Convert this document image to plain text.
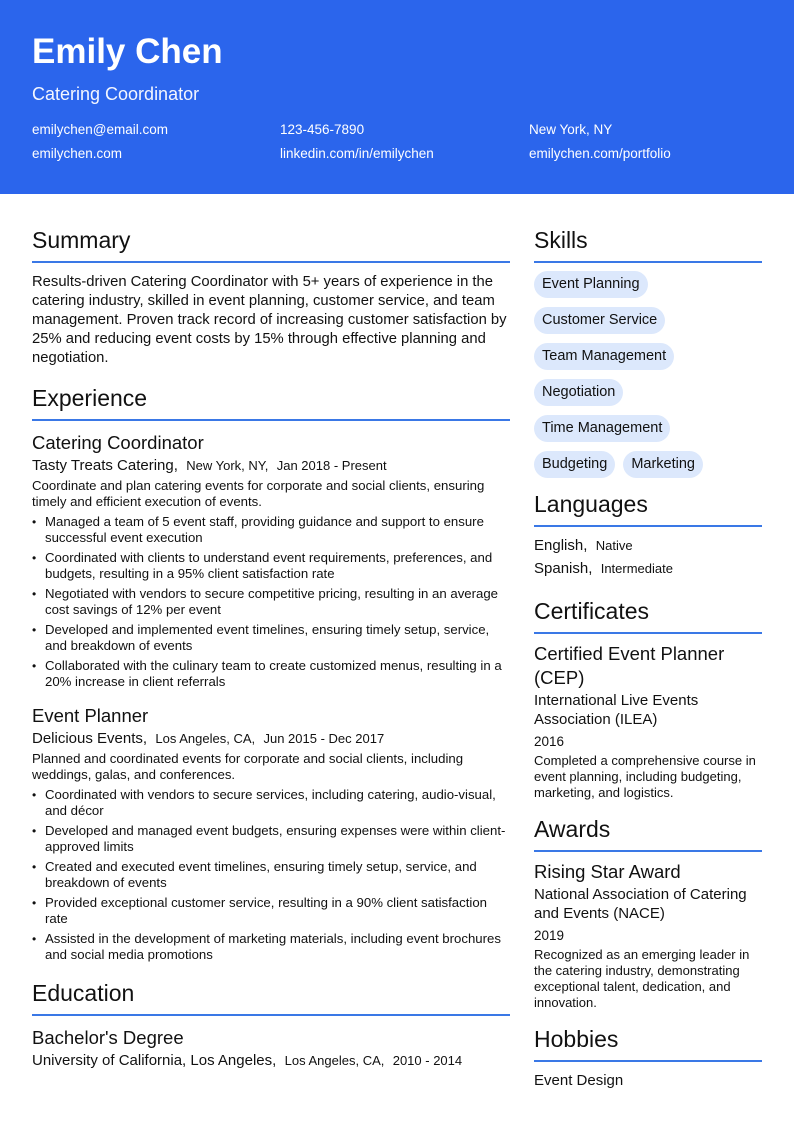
Emily Chen
Catering Coordinator
emilychen@email.com	123-456-7890	New York, NY
emilychen.com	linkedin.com/in/emilychen	emilychen.com/portfolio
Summary
Results-driven Catering Coordinator with 5+ years of experience in the catering industry, skilled in event planning, customer service, and team management. Proven track record of increasing customer satisfaction by 25% and reducing event costs by 15% through effective planning and negotiation.
Experience
Catering Coordinator
Tasty Treats Catering, New York, NY, Jan 2018 - Present
Coordinate and plan catering events for corporate and social clients, ensuring timely and efficient execution of events.
• Managed a team of 5 event staff, providing guidance and support to ensure successful event execution
• Coordinated with clients to understand event requirements, preferences, and budgets, resulting in a 95% client satisfaction rate
• Negotiated with vendors to secure competitive pricing, resulting in an average cost savings of 12% per event
• Developed and implemented event timelines, ensuring timely setup, service, and breakdown of events
• Collaborated with the culinary team to create customized menus, resulting in a 20% increase in client referrals
Event Planner
Delicious Events, Los Angeles, CA, Jun 2015 - Dec 2017
Planned and coordinated events for corporate and social clients, including weddings, galas, and conferences.
• Coordinated with vendors to secure services, including catering, audio-visual, and décor
• Developed and managed event budgets, ensuring expenses were within client-approved limits
• Created and executed event timelines, ensuring timely setup, service, and breakdown of events
• Provided exceptional customer service, resulting in a 90% client satisfaction rate
• Assisted in the development of marketing materials, including event brochures and social media promotions
Education
Bachelor's Degree
University of California, Los Angeles, Los Angeles, CA, 2010 - 2014
Skills
Event Planning
Customer Service
Team Management
Negotiation
Time Management
Budgeting Marketing
Languages
English, Native
Spanish, Intermediate
Certificates
Certified Event Planner (CEP)
International Live Events Association (ILEA)
2016
Completed a comprehensive course in event planning, including budgeting, marketing, and logistics.
Awards
Rising Star Award
National Association of Catering and Events (NACE)
2019
Recognized as an emerging leader in the catering industry, demonstrating exceptional talent, dedication, and innovation.
Hobbies
Event Design
